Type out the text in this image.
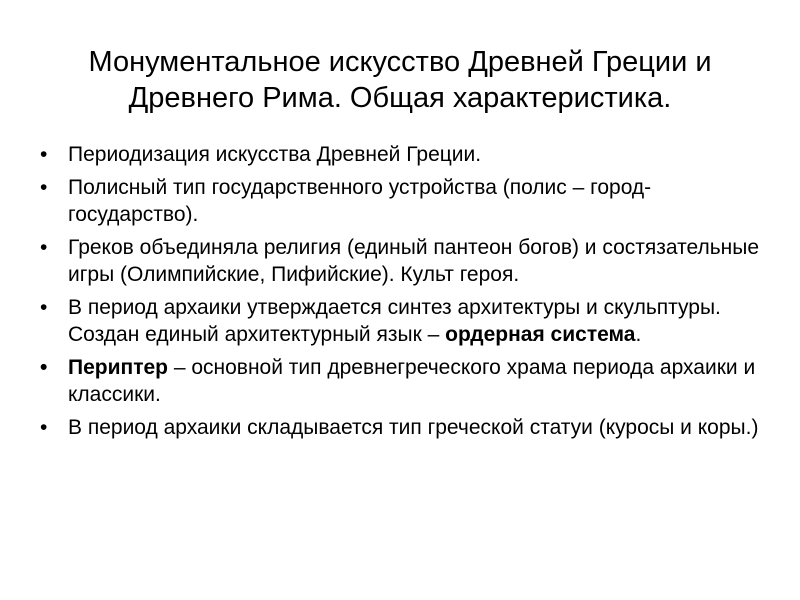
Монументальное искусство Древней Греции и Древнего Рима. Общая характеристика.
• Периодизация искусства Древней Греции.
• Полисный тип государственного устройства (полис – город-государство).
• Греков объединяла религия (единый пантеон богов) и состязательные игры (Олимпийские, Пифийские). Культ героя.
• В период архаики утверждается синтез архитектуры и скульптуры. Создан единый архитектурный язык – ордерная система.
• Периптер – основной тип древнегреческого храма периода архаики и классики.
• В период архаики складывается тип греческой статуи (куросы и коры.)
